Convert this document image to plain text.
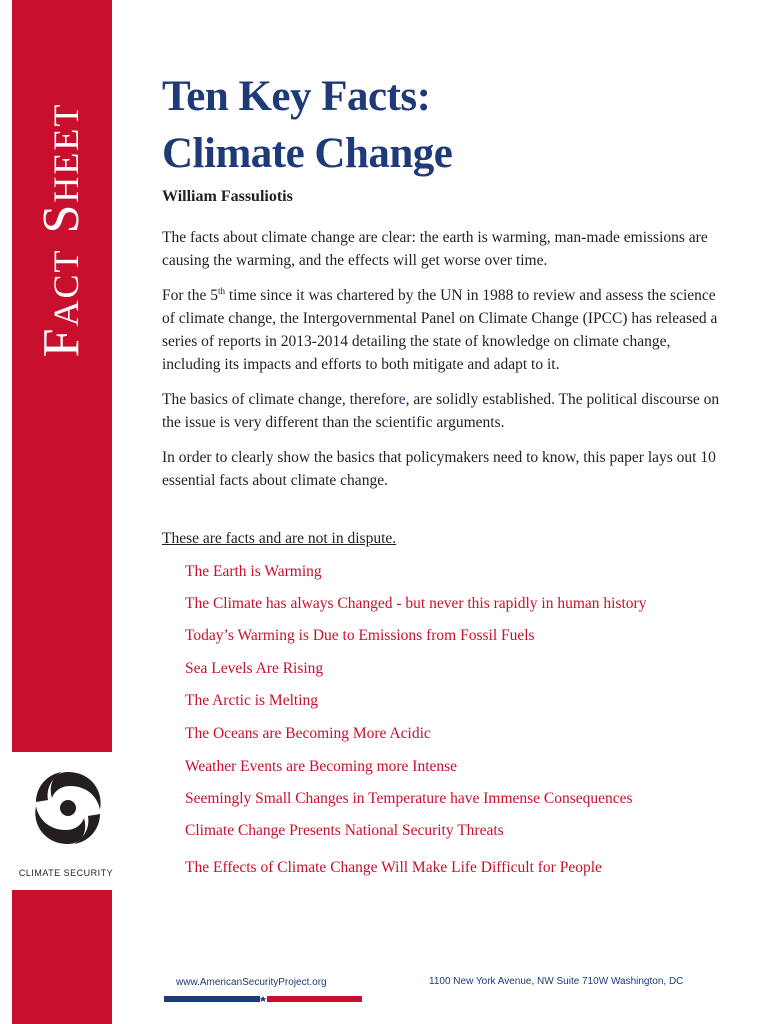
Fact Sheet
CLIMATE SECURITY
Ten Key Facts:
Climate Change
William Fassuliotis

The facts about climate change are clear: the earth is warming, man-made emissions are causing the warming, and the effects will get worse over time.

For the 5th time since it was chartered by the UN in 1988 to review and assess the science of climate change, the Intergovernmental Panel on Climate Change (IPCC) has released a series of reports in 2013-2014 detailing the state of knowledge on climate change, including its impacts and efforts to both mitigate and adapt to it.

The basics of climate change, therefore, are solidly established. The political discourse on the issue is very different than the scientific arguments.

In order to clearly show the basics that policymakers need to know, this paper lays out 10 essential facts about climate change.

These are facts and are not in dispute.
The Earth is Warming
The Climate has always Changed - but never this rapidly in human history
Today’s Warming is Due to Emissions from Fossil Fuels
Sea Levels Are Rising
The Arctic is Melting
The Oceans are Becoming More Acidic
Weather Events are Becoming more Intense
Seemingly Small Changes in Temperature have Immense Consequences
Climate Change Presents National Security Threats
The Effects of Climate Change Will Make Life Difficult for People
www.AmericanSecurityProject.org	1100 New York Avenue, NW Suite 710W Washington, DC
